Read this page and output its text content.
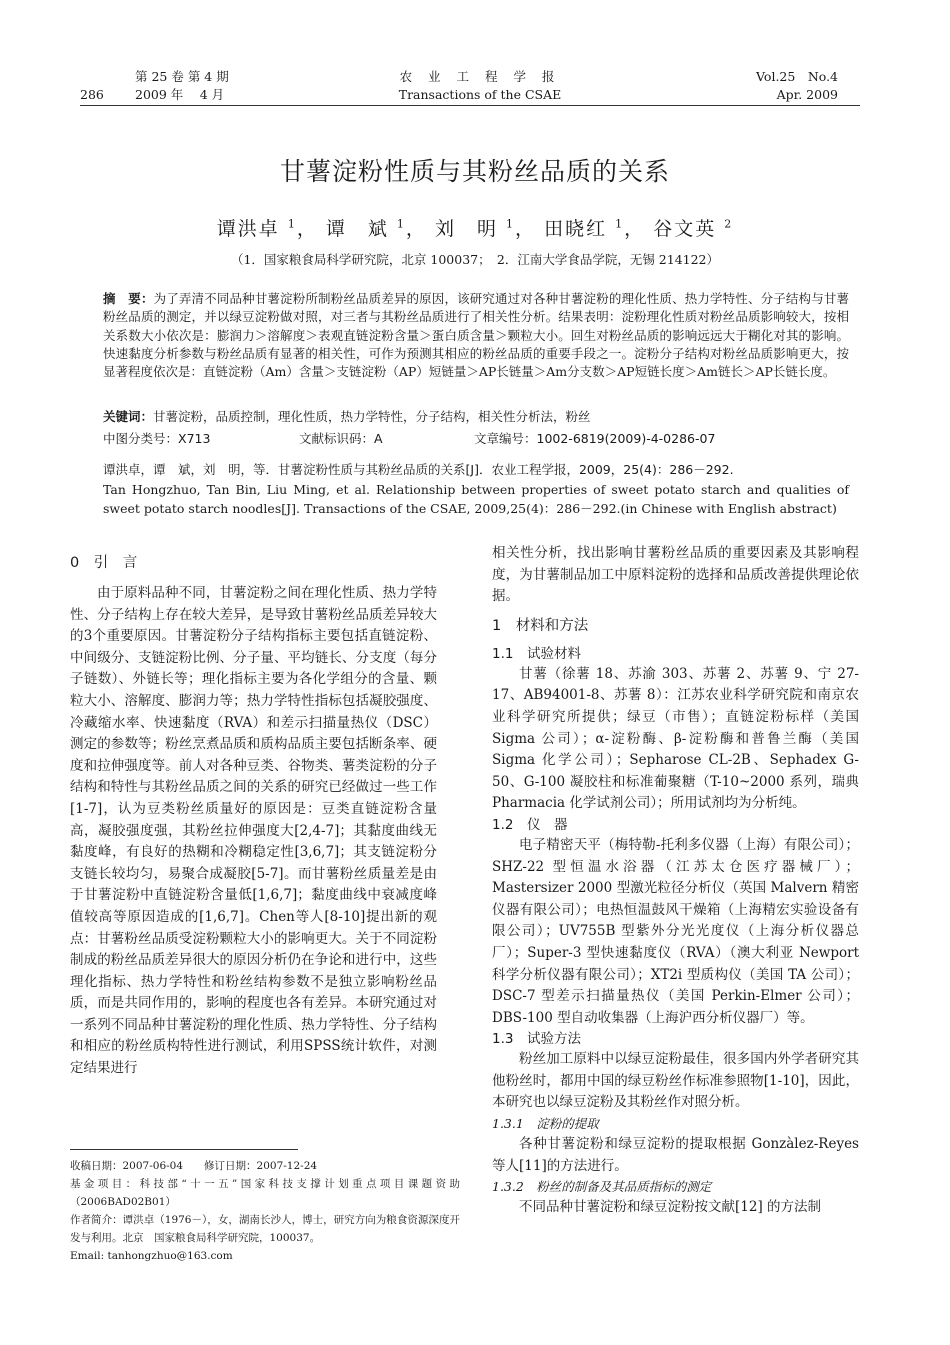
286
第 25 卷 第 4 期
2009 年　 4 月
农 业 工 程 学 报
Transactions of the CSAE
Vol.25　No.4
Apr. 2009
甘薯淀粉性质与其粉丝品质的关系
谭洪卓 $^1$， 谭　斌 $^1$， 刘　明 $^1$， 田晓红 $^1$， 谷文英 $^2$
（1．国家粮食局科学研究院，北京 100037；　2．江南大学食品学院，无锡 214122）
摘　要：为了弄清不同品种甘薯淀粉所制粉丝品质差异的原因，该研究通过对各种甘薯淀粉的理化性质、热力学特性、分子结构与甘薯粉丝品质的测定，并以绿豆淀粉做对照，对三者与其粉丝品质进行了相关性分析。结果表明：淀粉理化性质对粉丝品质影响较大，按相关系数大小依次是：膨润力＞溶解度＞表观直链淀粉含量＞蛋白质含量＞颗粒大小。回生对粉丝品质的影响远远大于糊化对其的影响。快速黏度分析参数与粉丝品质有显著的相关性，可作为预测其相应的粉丝品质的重要手段之一。淀粉分子结构对粉丝品质影响更大，按显著程度依次是：直链淀粉（Am）含量＞支链淀粉（AP）短链量＞AP长链量＞Am分支数＞AP短链长度＞Am链长＞AP长链长度。
关键词：甘薯淀粉，品质控制，理化性质，热力学特性，分子结构，相关性分析法，粉丝
中图分类号：X713	文献标识码：A	文章编号：1002-6819(2009)-4-0286-07
谭洪卓，谭　斌，刘　明，等．甘薯淀粉性质与其粉丝品质的关系[J]．农业工程学报，2009，25(4)：286－292.
Tan Hongzhuo, Tan Bin, Liu Ming, et al. Relationship between properties of sweet potato starch and qualities of sweet potato starch noodles[J]. Transactions of the CSAE, 2009,25(4)：286－292.(in Chinese with English abstract)
0　引　言

由于原料品种不同，甘薯淀粉之间在理化性质、热力学特性、分子结构上存在较大差异，是导致甘薯粉丝品质差异较大的3个重要原因。甘薯淀粉分子结构指标主要包括直链淀粉、中间级分、支链淀粉比例、分子量、平均链长、分支度（每分子链数）、外链长等；理化指标主要为各化学组分的含量、颗粒大小、溶解度、膨润力等；热力学特性指标包括凝胶强度、冷藏缩水率、快速黏度（RVA）和差示扫描量热仪（DSC）测定的参数等；粉丝烹煮品质和质构品质主要包括断条率、硬度和拉伸强度等。前人对各种豆类、谷物类、薯类淀粉的分子结构和特性与其粉丝品质之间的关系的研究已经做过一些工作[1-7]，认为豆类粉丝质量好的原因是：豆类直链淀粉含量高，凝胶强度强，其粉丝拉伸强度大[2,4-7]；其黏度曲线无黏度峰，有良好的热糊和冷糊稳定性[3,6,7]；其支链淀粉分支链长较均匀，易聚合成凝胶[5-7]。而甘薯粉丝质量差是由于甘薯淀粉中直链淀粉含量低[1,6,7]；黏度曲线中衰减度峰值较高等原因造成的[1,6,7]。Chen等人[8-10]提出新的观点：甘薯粉丝品质受淀粉颗粒大小的影响更大。关于不同淀粉制成的粉丝品质差异很大的原因分析仍在争论和进行中，这些理化指标、热力学特性和粉丝结构参数不是独立影响粉丝品质，而是共同作用的，影响的程度也各有差异。本研究通过对一系列不同品种甘薯淀粉的理化性质、热力学特性、分子结构和相应的粉丝质构特性进行测试，利用SPSS统计软件，对测定结果进行

收稿日期：2007-06-04　　修订日期：2007-12-24

基金项目：科技部“十一五”国家科技支撑计划重点项目课题资助（2006BAD02B01）

作者简介：谭洪卓（1976－），女，湖南长沙人，博士，研究方向为粮食资源深度开发与利用。北京　国家粮食局科学研究院，100037。

Email: tanhongzhuo@163.com

相关性分析，找出影响甘薯粉丝品质的重要因素及其影响程度，为甘薯制品加工中原料淀粉的选择和品质改善提供理论依据。

1　材料和方法
1.1　试验材料

甘薯（徐薯 18、苏渝 303、苏薯 2、苏薯 9、宁 27-17、AB94001-8、苏薯 8）：江苏农业科学研究院和南京农业科学研究所提供；绿豆（市售）；直链淀粉标样（美国 Sigma 公司）；α-淀粉酶、β-淀粉酶和普鲁兰酶（美国 Sigma 化学公司）；Sepharose CL-2B、Sephadex G-50、G-100 凝胶柱和标准葡聚糖（T-10~2000 系列，瑞典 Pharmacia 化学试剂公司）；所用试剂均为分析纯。

1.2　仪　器

电子精密天平（梅特勒-托利多仪器（上海）有限公司）；SHZ-22 型恒温水浴器（江苏太仓医疗器械厂）；Mastersizer 2000 型激光粒径分析仪（英国 Malvern 精密仪器有限公司）；电热恒温鼓风干燥箱（上海精宏实验设备有限公司）；UV755B 型紫外分光光度仪（上海分析仪器总厂）；Super-3 型快速黏度仪（RVA）（澳大利亚 Newport 科学分析仪器有限公司）；XT2i 型质构仪（美国 TA 公司）；DSC-7 型差示扫描量热仪（美国 Perkin-Elmer 公司）；DBS-100 型自动收集器（上海沪西分析仪器厂）等。

1.3　试验方法

粉丝加工原料中以绿豆淀粉最佳，很多国内外学者研究其他粉丝时，都用中国的绿豆粉丝作标准参照物[1-10]，因此，本研究也以绿豆淀粉及其粉丝作对照分析。

1.3.1　淀粉的提取

各种甘薯淀粉和绿豆淀粉的提取根据 Gonzàlez-Reyes 等人[11]的方法进行。

1.3.2　粉丝的制备及其品质指标的测定

不同品种甘薯淀粉和绿豆淀粉按文献[12] 的方法制
